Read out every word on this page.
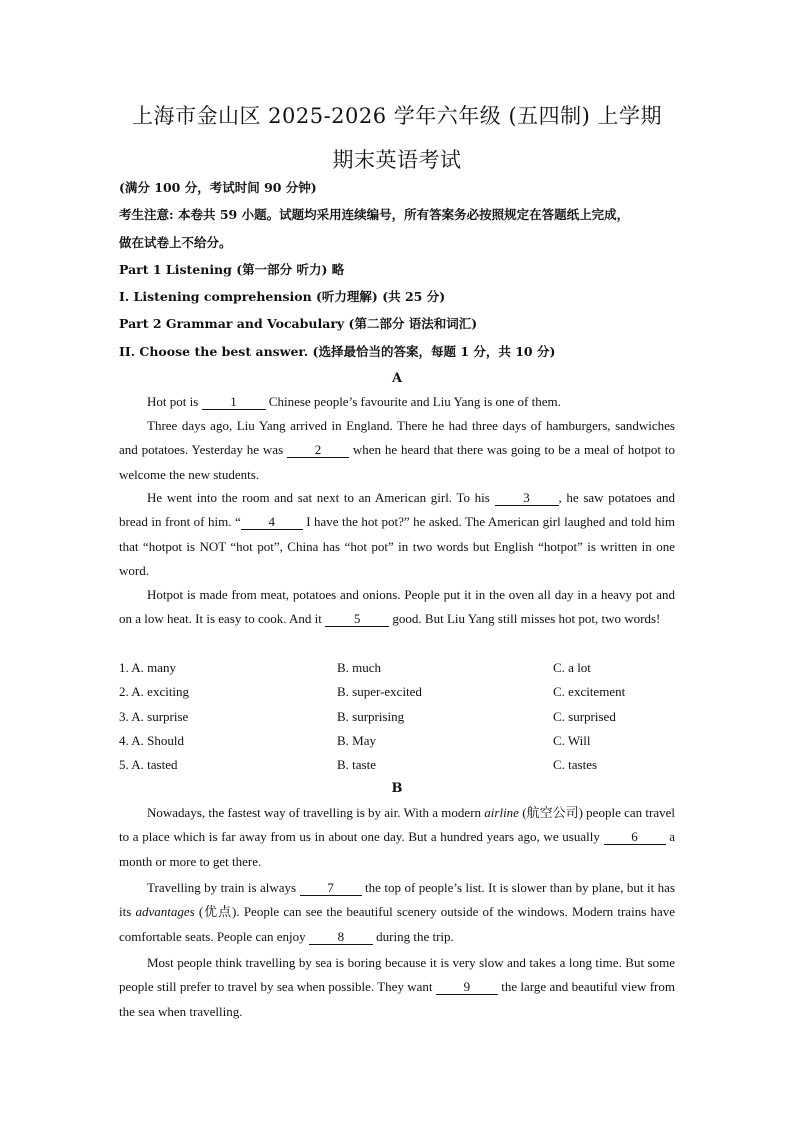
上海市金山区 2025-2026 学年六年级 (五四制) 上学期
期末英语考试
(满分 100 分，考试时间 90 分钟)
考生注意: 本卷共 59 小题。试题均采用连续编号，所有答案务必按照规定在答题纸上完成，
做在试卷上不给分。
Part 1 Listening (第一部分 听力) 略
I. Listening comprehension (听力理解) (共 25 分)
Part 2 Grammar and Vocabulary (第二部分 语法和词汇)
II. Choose the best answer. (选择最恰当的答案，每题 1 分，共 10 分)
A
Hot pot is 1 Chinese people’s favourite and Liu Yang is one of them.
Three days ago, Liu Yang arrived in England. There he had three days of hamburgers, sandwiches and potatoes. Yesterday he was 2 when he heard that there was going to be a meal of hotpot to welcome the new students.
He went into the room and sat next to an American girl. To his 3 , he saw potatoes and bread in front of him. “ 4 I have the hot pot?” he asked. The American girl laughed and told him that “hotpot is NOT “hot pot”, China has “hot pot” in two words but English “hotpot” is written in one word.
Hotpot is made from meat, potatoes and onions. People put it in the oven all day in a heavy pot and on a low heat. It is easy to cook. And it 5 good. But Liu Yang still misses hot pot, two words!
1. A. many	B. much	C. a lot
2. A. exciting	B. super-excited	C. excitement
3. A. surprise	B. surprising	C. surprised
4. A. Should	B. May	C. Will
5. A. tasted	B. taste	C. tastes
B
Nowadays, the fastest way of travelling is by air. With a modern airline (航空公司) people can travel to a place which is far away from us in about one day. But a hundred years ago, we usually 6 a month or more to get there.
Travelling by train is always 7 the top of people’s list. It is slower than by plane, but it has its advantages (优点). People can see the beautiful scenery outside of the windows. Modern trains have comfortable seats. People can enjoy 8 during the trip.
Most people think travelling by sea is boring because it is very slow and takes a long time. But some people still prefer to travel by sea when possible. They want 9 the large and beautiful view from the sea when travelling.
